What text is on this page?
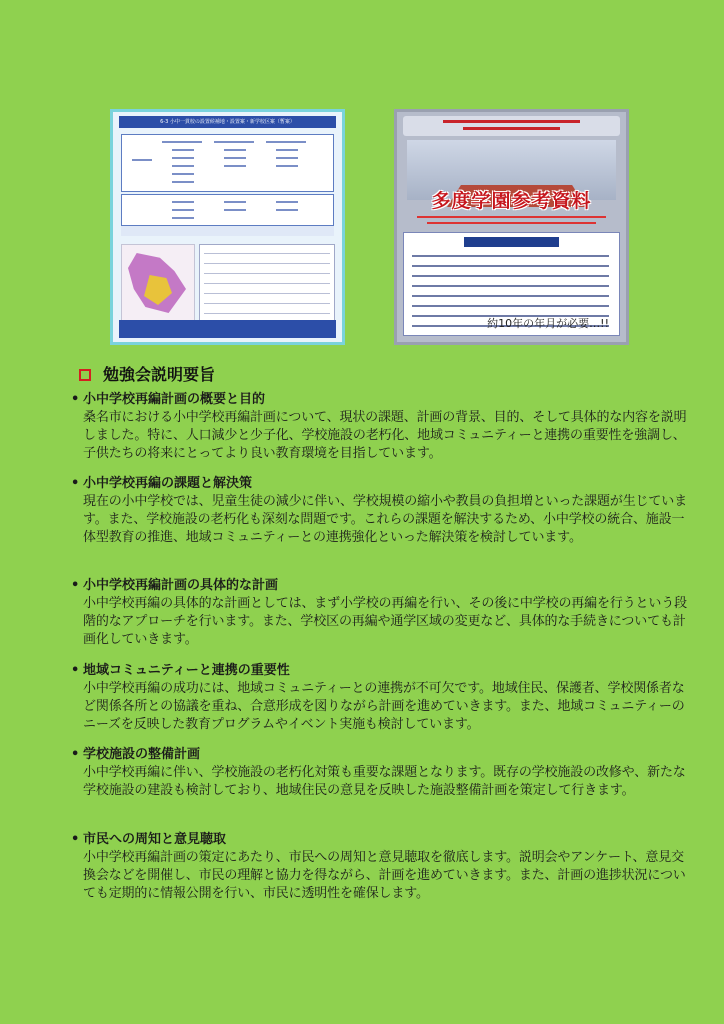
6-3 小中一貫校の設置候補地・設置案・新学校区案（暫案）
多度学園参考資料
約10年の年月が必要…!!
勉強会説明要旨
• 小中学校再編計画の概要と目的
桑名市における小中学校再編計画について、現状の課題、計画の背景、目的、そして具体的な内容を説明しました。特に、人口減少と少子化、学校施設の老朽化、地域コミュニティーと連携の重要性を強調し、子供たちの将来にとってより良い教育環境を目指しています。
• 小中学校再編の課題と解決策
現在の小中学校では、児童生徒の減少に伴い、学校規模の縮小や教員の負担増といった課題が生じています。また、学校施設の老朽化も深刻な問題です。これらの課題を解決するため、小中学校の統合、施設一体型教育の推進、地域コミュニティーとの連携強化といった解決策を検討しています。
• 小中学校再編計画の具体的な計画
小中学校再編の具体的な計画としては、まず小学校の再編を行い、その後に中学校の再編を行うという段階的なアプローチを行います。また、学校区の再編や通学区域の変更など、具体的な手続きについても計画化していきます。
• 地域コミュニティーと連携の重要性
小中学校再編の成功には、地域コミュニティーとの連携が不可欠です。地域住民、保護者、学校関係者など関係各所との協議を重ね、合意形成を図りながら計画を進めていきます。また、地域コミュニティーのニーズを反映した教育プログラムやイベント実施も検討しています。
• 学校施設の整備計画
小中学校再編に伴い、学校施設の老朽化対策も重要な課題となります。既存の学校施設の改修や、新たな学校施設の建設も検討しており、地域住民の意見を反映した施設整備計画を策定して行きます。
• 市民への周知と意見聴取
小中学校再編計画の策定にあたり、市民への周知と意見聴取を徹底します。説明会やアンケート、意見交換会などを開催し、市民の理解と協力を得ながら、計画を進めていきます。また、計画の進捗状況についても定期的に情報公開を行い、市民に透明性を確保します。
